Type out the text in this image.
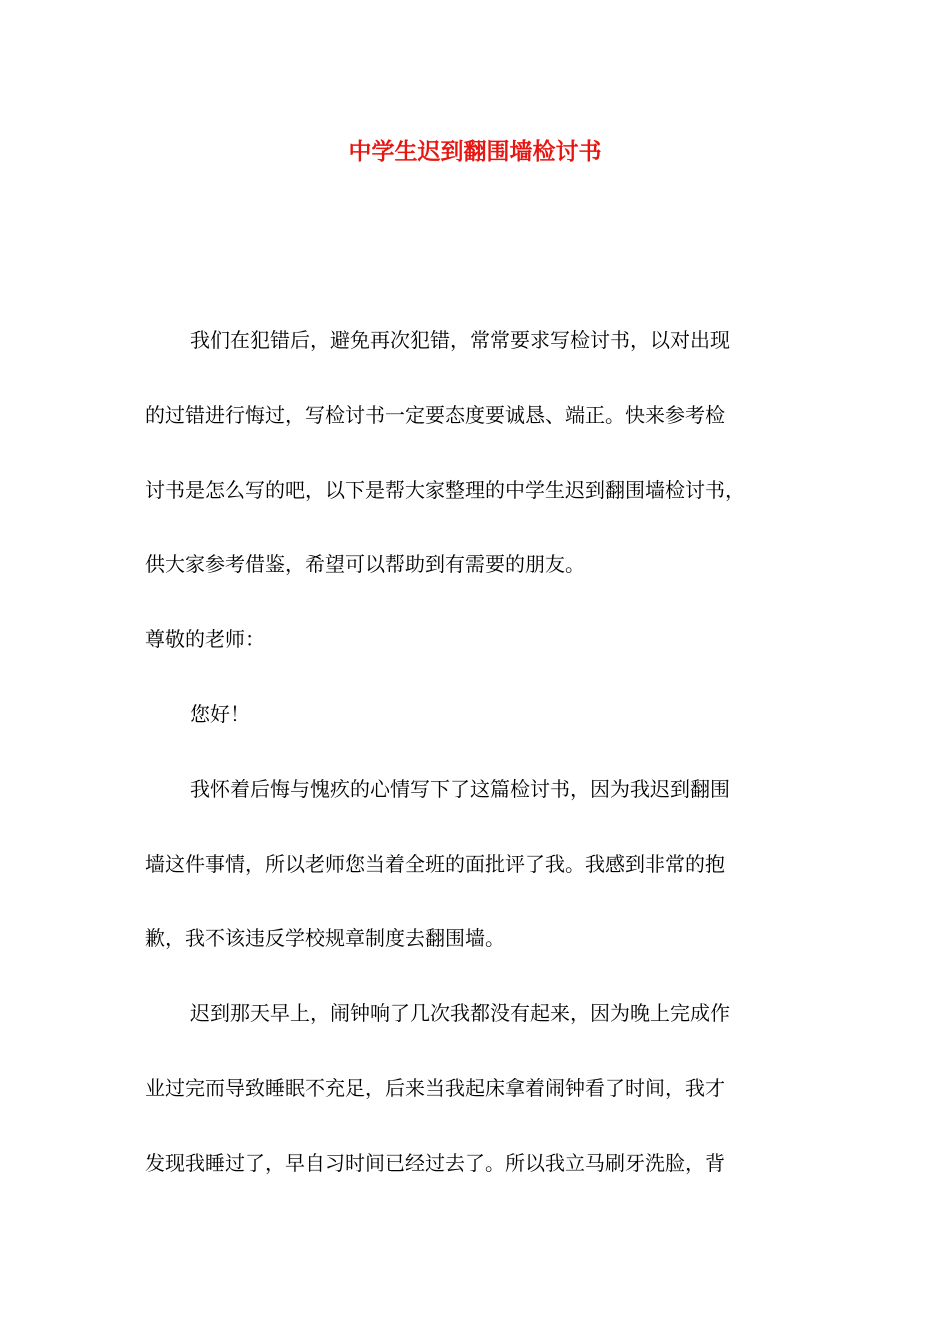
中学生迟到翻围墙检讨书

我们在犯错后，避免再次犯错，常常要求写检讨书，以对出现

的过错进行悔过，写检讨书一定要态度要诚恳、端正。快来参考检

讨书是怎么写的吧，以下是帮大家整理的中学生迟到翻围墙检讨书，

供大家参考借鉴，希望可以帮助到有需要的朋友。

尊敬的老师：

您好！

我怀着后悔与愧疚的心情写下了这篇检讨书，因为我迟到翻围

墙这件事情，所以老师您当着全班的面批评了我。我感到非常的抱

歉，我不该违反学校规章制度去翻围墙。

迟到那天早上，闹钟响了几次我都没有起来，因为晚上完成作

业过完而导致睡眠不充足，后来当我起床拿着闹钟看了时间，我才

发现我睡过了，早自习时间已经过去了。所以我立马刷牙洗脸，背
